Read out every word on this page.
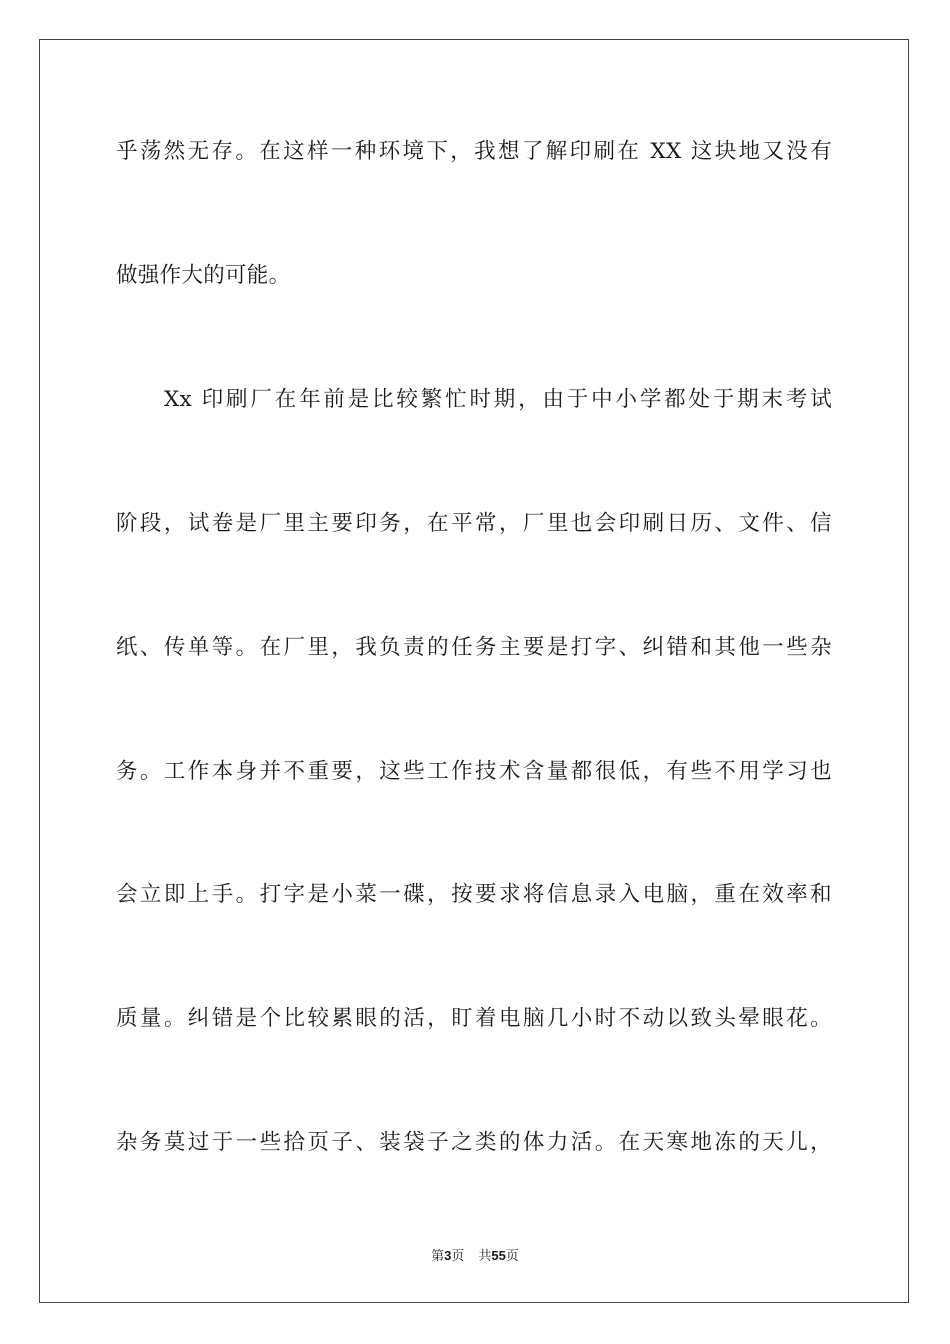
乎荡然无存。在这样一种环境下，我想了解印刷在 XX 这块地又没有
做强作大的可能。
Xx 印刷厂在年前是比较繁忙时期，由于中小学都处于期末考试
阶段，试卷是厂里主要印务，在平常，厂里也会印刷日历、文件、信
纸、传单等。在厂里，我负责的任务主要是打字、纠错和其他一些杂
务。工作本身并不重要，这些工作技术含量都很低，有些不用学习也
会立即上手。打字是小菜一碟，按要求将信息录入电脑，重在效率和
质量。纠错是个比较累眼的活，盯着电脑几小时不动以致头晕眼花。
杂务莫过于一些拾页子、装袋子之类的体力活。在天寒地冻的天儿，
第3页 共55页
